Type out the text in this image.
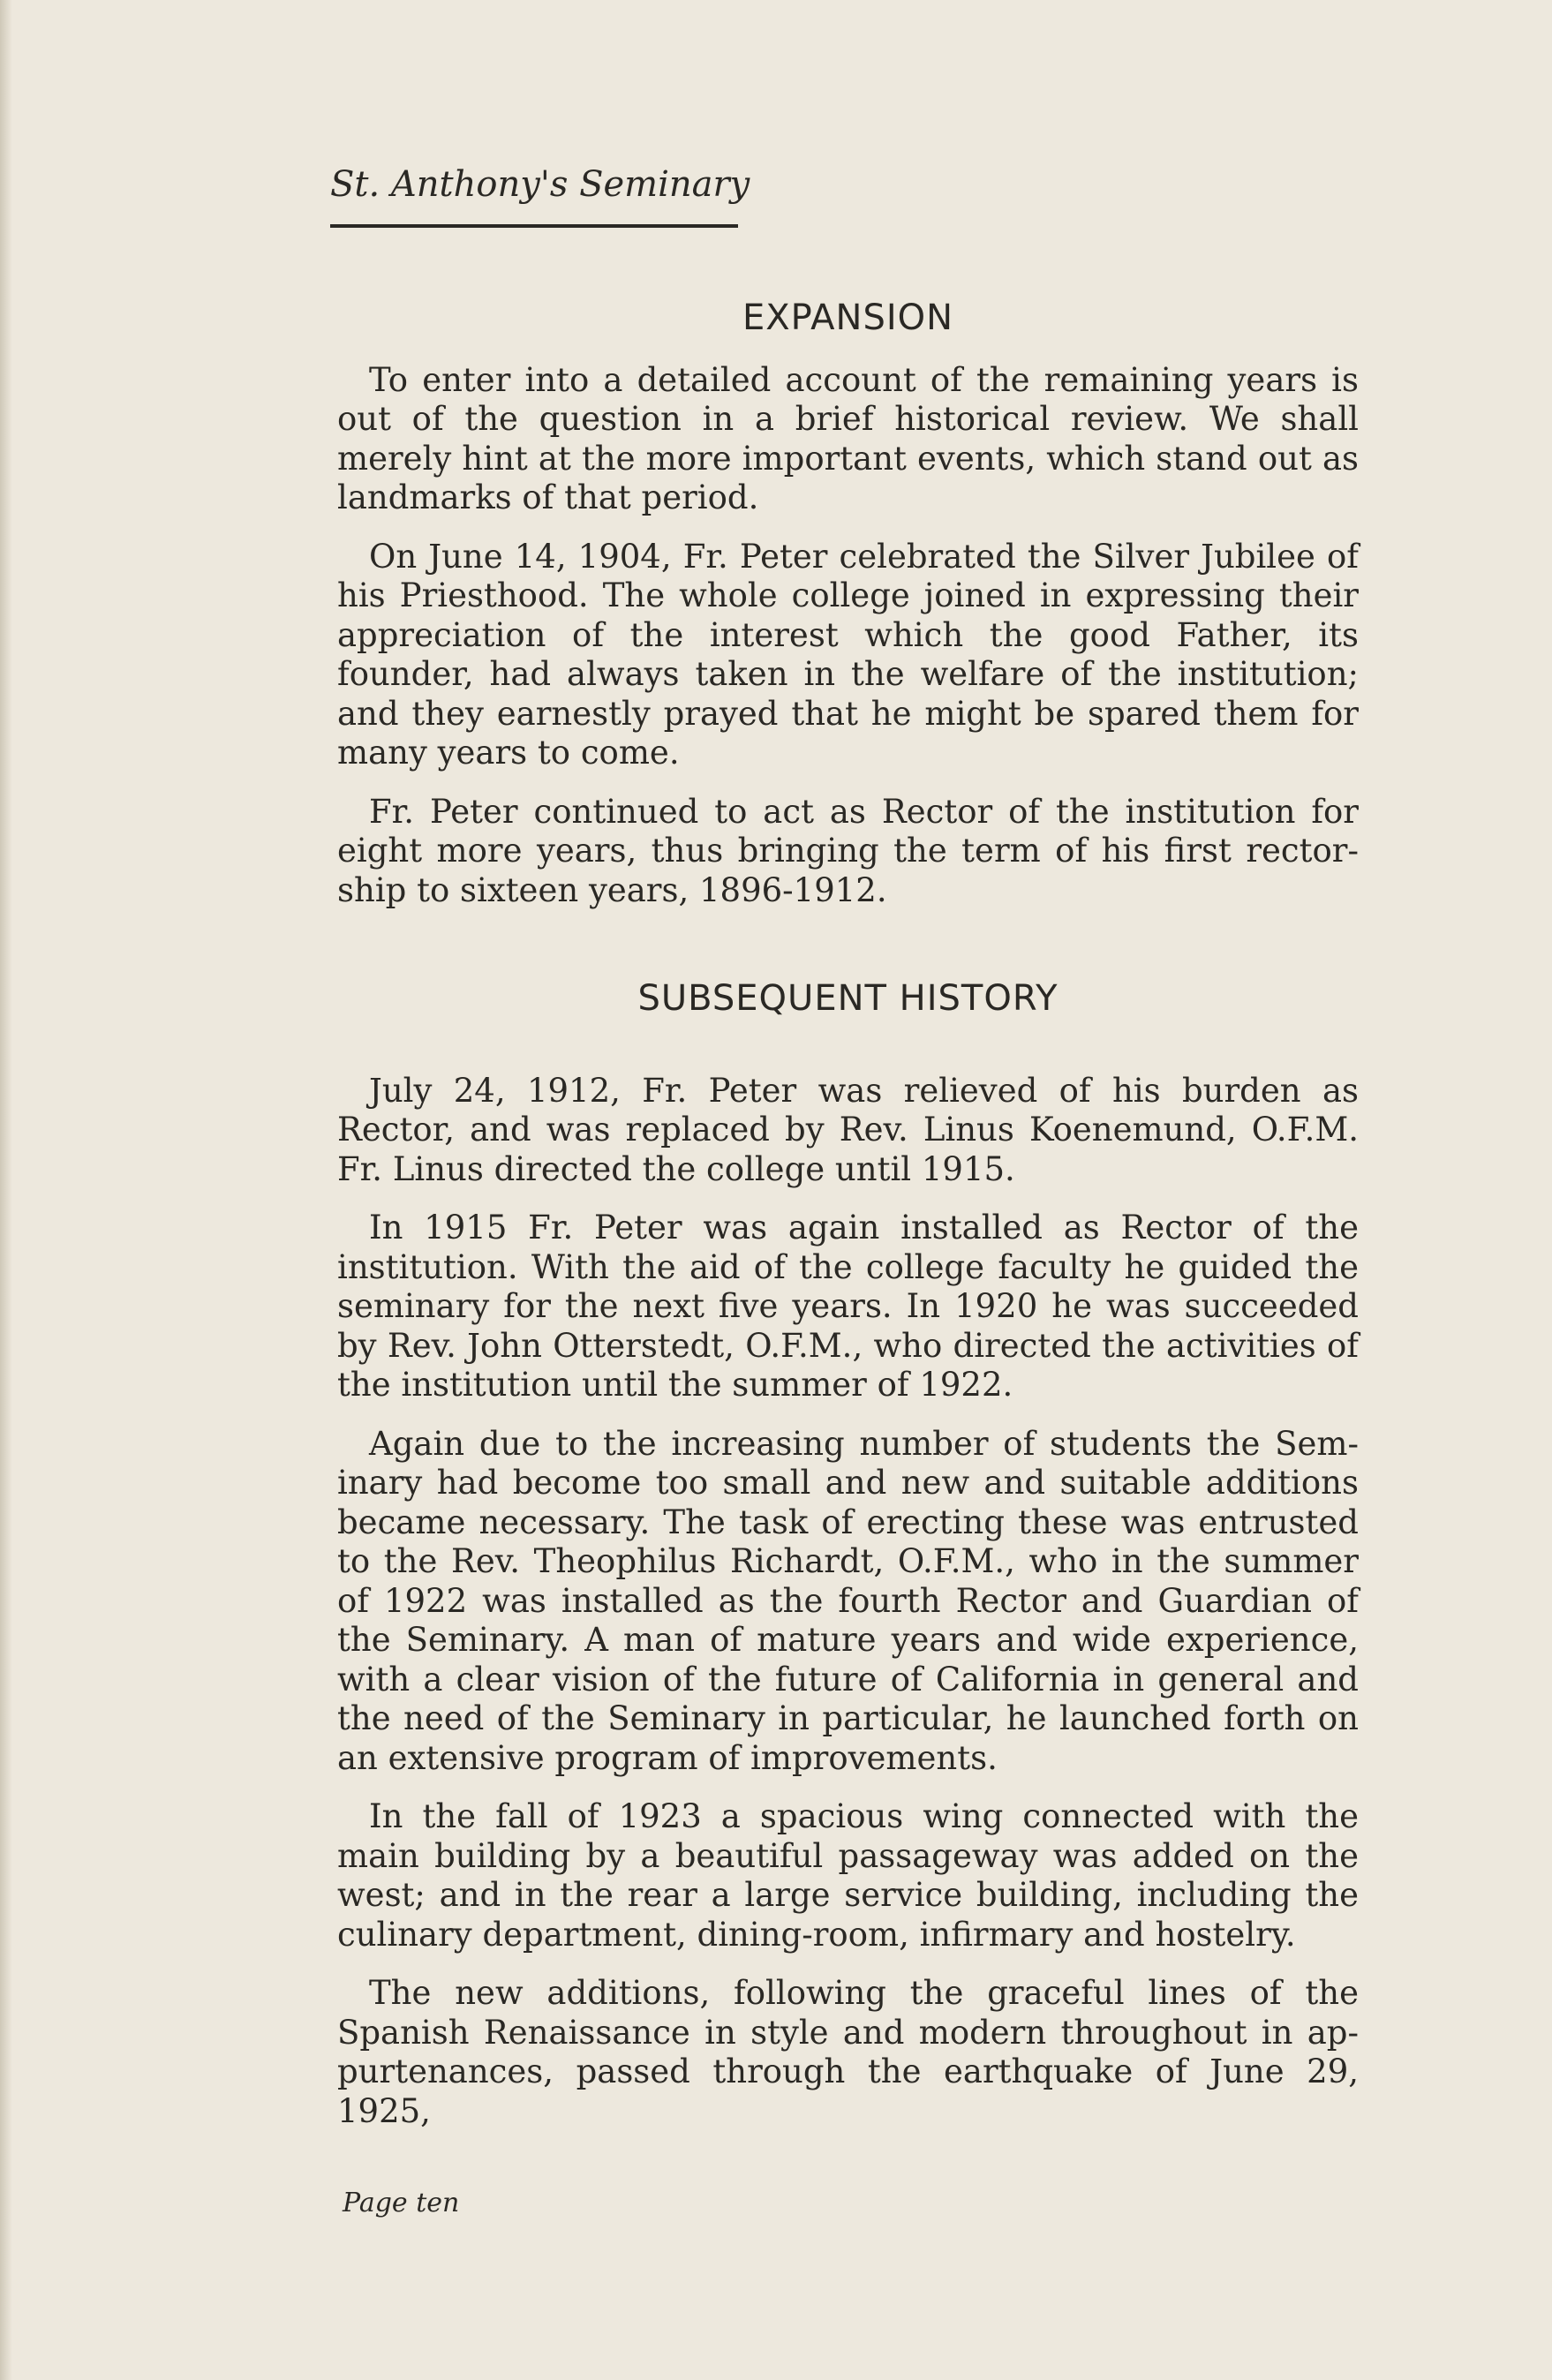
St. Anthony's Seminary
EXPANSION

To enter into a detailed account of the remaining years is out of the question in a brief historical review. We shall merely hint at the more important events, which stand out as landmarks of that period.

On June 14, 1904, Fr. Peter celebrated the Silver Jubilee of his Priesthood. The whole college joined in expressing their appreciation of the interest which the good Father, its founder, had always taken in the welfare of the institution; and they earnestly prayed that he might be spared them for many years to come.

Fr. Peter continued to act as Rector of the institution for eight more years, thus bringing the term of his first rectorship to sixteen years, 1896-1912.

SUBSEQUENT HISTORY

July 24, 1912, Fr. Peter was relieved of his burden as Rector, and was replaced by Rev. Linus Koenemund, O.F.M. Fr. Linus directed the college until 1915.

In 1915 Fr. Peter was again installed as Rector of the institution. With the aid of the college faculty he guided the seminary for the next five years. In 1920 he was succeeded by Rev. John Otterstedt, O.F.M., who directed the activities of the institution until the summer of 1922.

Again due to the increasing number of students the Seminary had become too small and new and suitable additions became necessary. The task of erecting these was entrusted to the Rev. Theophilus Richardt, O.F.M., who in the summer of 1922 was installed as the fourth Rector and Guardian of the Seminary. A man of mature years and wide experience, with a clear vision of the future of California in general and the need of the Seminary in particular, he launched forth on an extensive program of improvements.

In the fall of 1923 a spacious wing connected with the main building by a beautiful passageway was added on the west; and in the rear a large service building, including the culinary department, dining-room, infirmary and hostelry.

The new additions, following the graceful lines of the Spanish Renaissance in style and modern throughout in appurtenances, passed through the earthquake of June 29, 1925,

Page ten
